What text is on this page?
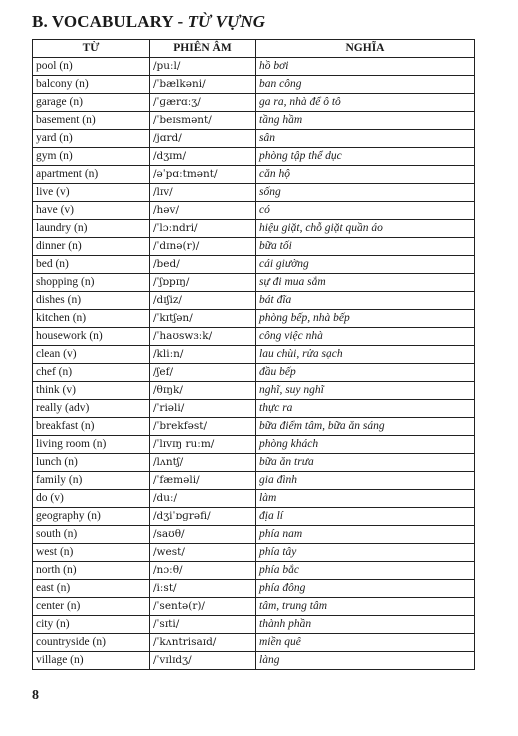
B. VOCABULARY - TỪ VỰNG
TỪ	PHIÊN ÂM	NGHĨA
pool (n)	/puːl/	hồ bơi
balcony (n)	/ˈbælkəni/	ban công
garage (n)	/ˈɡærɑːʒ/	ga ra, nhà để ô tô
basement (n)	/ˈbeɪsmənt/	tầng hầm
yard (n)	/jɑrd/	sân
gym (n)	/dʒɪm/	phòng tập thể dục
apartment (n)	/əˈpɑːtmənt/	căn hộ
live (v)	/lɪv/	sống
have (v)	/həv/	có
laundry (n)	/ˈlɔːndri/	hiệu giặt, chỗ giặt quần áo
dinner (n)	/ˈdɪnə(r)/	bữa tối
bed (n)	/bed/	cái giường
shopping (n)	/ˈʃɒpɪŋ/	sự đi mua sắm
dishes (n)	/dɪʃiz/	bát đĩa
kitchen (n)	/ˈkɪtʃən/	phòng bếp, nhà bếp
housework (n)	/ˈhaʊswɜːk/	công việc nhà
clean (v)	/kliːn/	lau chùi, rửa sạch
chef (n)	/ʃef/	đầu bếp
think (v)	/θɪŋk/	nghĩ, suy nghĩ
really (adv)	/ˈriəli/	thực ra
breakfast (n)	/ˈbrekfəst/	bữa điểm tâm, bữa ăn sáng
living room (n)	/ˈlɪvɪŋ ruːm/	phòng khách
lunch (n)	/lʌntʃ/	bữa ăn trưa
family (n)	/ˈfæməli/	gia đình
do (v)	/duː/	làm
geography (n)	/dʒiˈɒɡrəfi/	địa lí
south (n)	/saʊθ/	phía nam
west (n)	/west/	phía tây
north (n)	/nɔːθ/	phía bắc
east (n)	/iːst/	phía đông
center (n)	/ˈsentə(r)/	tâm, trung tâm
city (n)	/ˈsɪti/	thành phần
countryside (n)	/ˈkʌntrisaɪd/	miền quê
village (n)	/ˈvɪlɪdʒ/	làng
8
